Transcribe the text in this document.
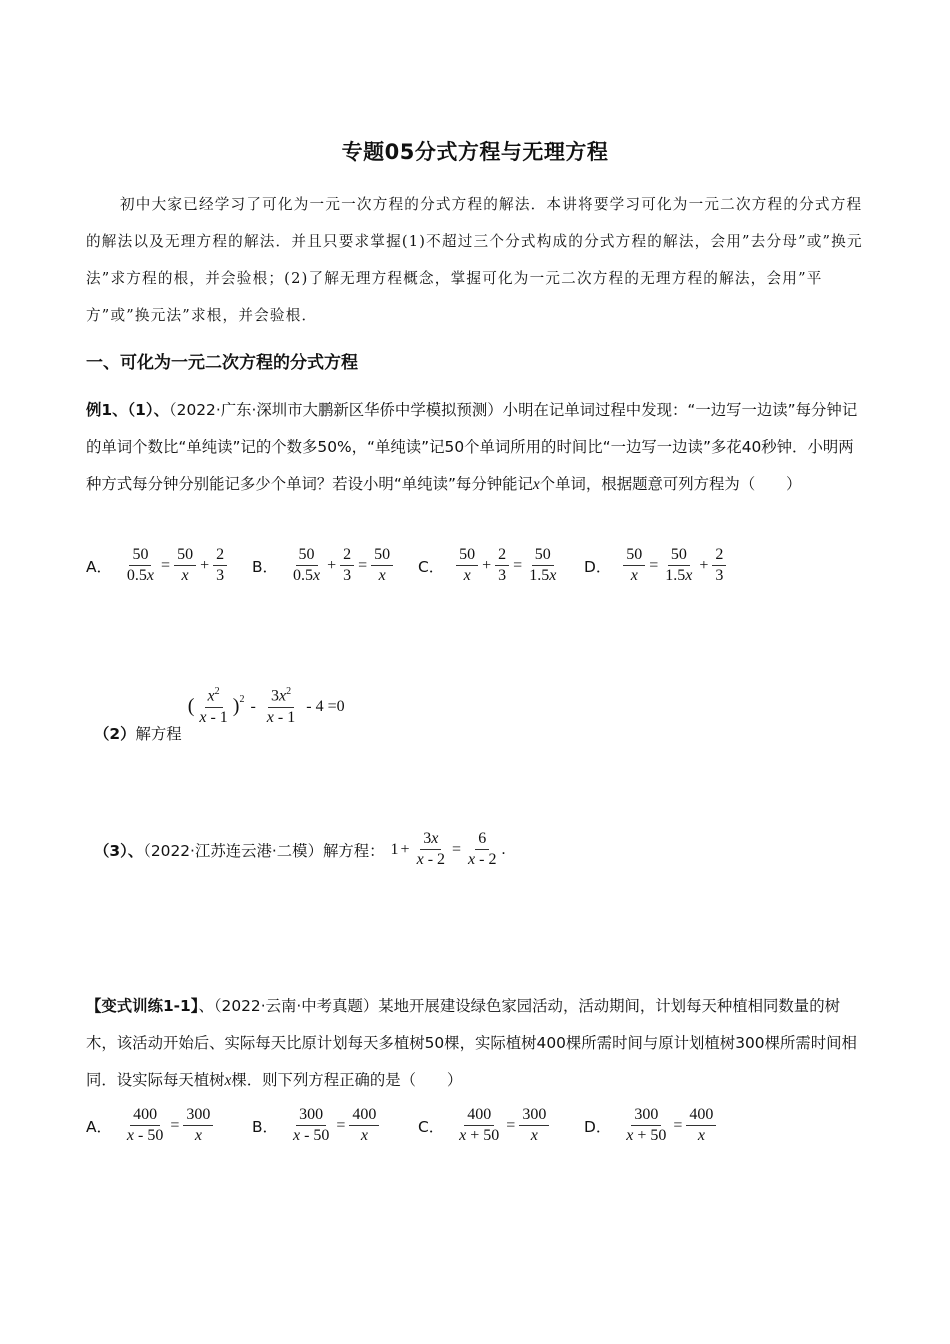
专题05分式方程与无理方程

初中大家已经学习了可化为一元一次方程的分式方程的解法．本讲将要学习可化为一元二次方程的分式方程的解法以及无理方程的解法．并且只要求掌握(1)不超过三个分式构成的分式方程的解法，会用”去分母”或”换元法”求方程的根，并会验根；(2)了解无理方程概念，掌握可化为一元二次方程的无理方程的解法，会用”平方”或”换元法”求根，并会验根．

一、可化为一元二次方程的分式方程

例1、（1）、（2022·广东·深圳市大鹏新区华侨中学模拟预测）小明在记单词过程中发现：“一边写一边读”每分钟记的单词个数比“单纯读”记的个数多50%，“单纯读”记50个单词所用的时间比“一边写一边读”多花40秒钟．小明两种方式每分钟分别能记多少个单词？若设小明“单纯读”每分钟能记x个单词，根据题意可列方程为（　　）

A． $\frac{50}{0.5x} = \frac{50}{x} + \frac{2}{3}$ B． $\frac{50}{0.5x} + \frac{2}{3} = \frac{50}{x}$ C． $\frac{50}{x} + \frac{2}{3} = \frac{50}{1.5x}$ D． $\frac{50}{x} = \frac{50}{1.5x} + \frac{2}{3}$
（2）解方程
( $\frac{x^2}{x - 1} )^2 - \frac{3x^2}{x - 1} - 4 =0$
（3）、（2022·江苏连云港·二模）解方程： $1 + \frac{3x}{x - 2} = \frac{6}{x - 2}$ .

【变式训练1-1】、（2022·云南·中考真题）某地开展建设绿色家园活动，活动期间，计划每天种植相同数量的树木，该活动开始后、实际每天比原计划每天多植树50棵，实际植树400棵所需时间与原计划植树300棵所需时间相同．设实际每天植树x棵．则下列方程正确的是（　　）

A． $\frac{400}{x - 50} = \frac{300}{x}$	B． $\frac{300}{x - 50} = \frac{400}{x}$	C． $\frac{400}{x + 50} = \frac{300}{x}$ D． $\frac{300}{x + 50} = \frac{400}{x}$
